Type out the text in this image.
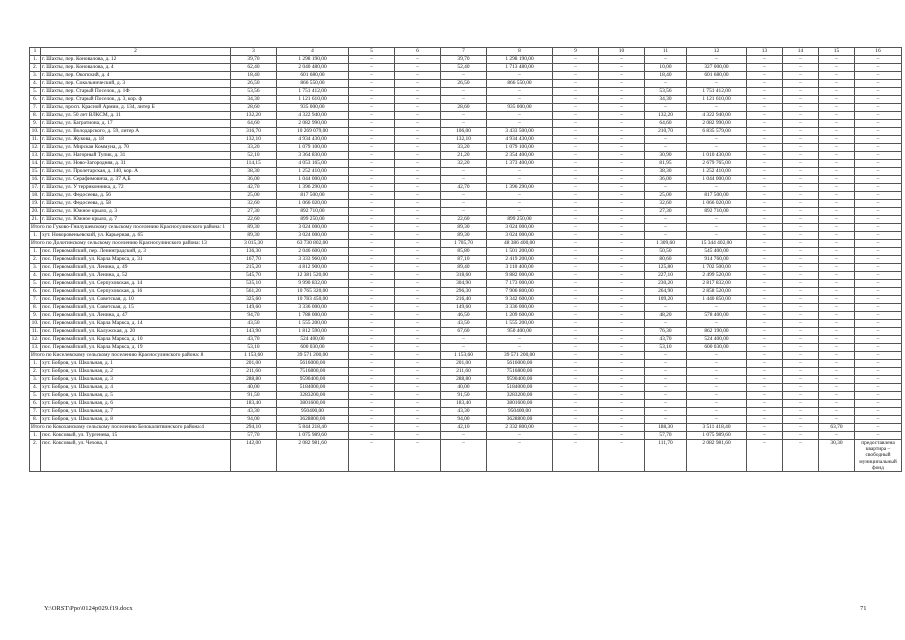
1	2	3	4	5	6	7	8	9	10	11	12	13	14	15	16
1.	г. Шахты, пер. Коновалова, д. 12	39,70	1 298 190,00	–	–	39,70	1 298 190,00	–	–	–	–	–	–	–	–
2.	г. Шахты, пер. Коновалова, д. 4	62,40	2 040 480,00	–	–	52,40	1 713 480,00	–	–	10,00	327 000,00	–	–	–	–
3.	г. Шахты, пер. Окопский, д. 4	18,40	601 680,00	–	–	–	–	–	–	18,40	601 680,00	–	–	–	–
4.	г. Шахты, пер. Сокольнический, д. 3	26,50	866 550,00	–	–	26,50	866 550,00	–	–	–	–	–	–	–	–
5.	г. Шахты, пер. Старый Поселок, д. 1Ф	53,56	1 751 412,00	–	–	–	–	–	–	53,56	1 751 412,00	–	–	–	–
6.	г. Шахты, пер. Старый Поселок, д. 3, кор. ф	34,30	1 121 610,00	–	–	–	–	–	–	34,30	1 121 610,00	–	–	–	–
7.	г. Шахты, просп. Красной Армии, д. 134, литер Б	28,60	935 000,00	–	–	28,60	935 000,00	–	–	–	–	–	–	–	–
8.	г. Шахты, ул. 50 лет ВЛКСМ, д. 11	132,20	4 322 940,00	–	–	–	–	–	–	132,20	4 322 940,00	–	–	–	–
9.	г. Шахты, ул. Багратиона, д. 17	64,60	2 082 990,00	–	–	–	–	–	–	64,60	2 082 990,00	–	–	–	–
10.	г. Шахты, ул. Володарского, д. 59, литер А	316,70	10 269 079,00	–	–	106,00	3 433 500,00	–	–	210,70	6 835 579,00	–	–	–	–
11.	г. Шахты, ул. Жукова, д. 18	132,10	4 934 430,00	–	–	132,10	4 934 430,00	–	–	–	–	–	–	–	–
12.	г. Шахты, ул. Мирская Коммуна, д. 70	33,20	1 079 100,00	–	–	33,20	1 079 100,00	–	–	–	–	–	–	–	–
13.	г. Шахты, ул. Нагорный Тупик, д. 31	52,10	3 364 830,00	–	–	21,20	2 354 400,00	–	–	30,90	1 010 430,00	–	–	–	–
14.	г. Шахты, ул. Ново-Загородняя, д. 31	114,15	4 053 165,00	–	–	32,20	1 373 400,00	–	–	81,95	2 679 765,00	–	–	–	–
15.	г. Шахты, ул. Пролетарская, д. 140, кор. А	38,30	1 252 410,00	–	–	–	–	–	–	38,30	1 252 410,00	–	–	–	–
16.	г. Шахты, ул. Серафимовича, д. 37 А,Б	36,00	1 044 000,00	–	–	–	–	–	–	36,00	1 044 000,00	–	–	–	–
17.	г. Шахты, ул. У терриконника, д. 72	42,70	1 396 290,00	–	–	42,70	1 396 290,00	–	–	–	–	–	–	–	–
18.	г. Шахты, ул. Федосеева, д. 56	25,00	817 500,00	–	–	–	–	–	–	25,00	817 500,00	–	–	–	–
19.	г. Шахты, ул. Федосеева, д. 58	32,60	1 066 020,00	–	–	–	–	–	–	32,60	1 066 020,00	–	–	–	–
20.	г. Шахты, ул. Южное крыло, д. 3	27,30	892 710,00	–	–	–	–	–	–	27,30	892 710,00	–	–	–	–
21.	г. Шахты, ул. Южное крыло, д. 7	22,60	899 250,00	–	–	22,60	899 250,00	–	–	–	–	–	–	–	–
Итого по Гуково-Гнилушевскому сельскому поселению Красносулинского района: 1		89,30	3 024 000,00	–	–	89,30	3 024 000,00	–	–	–	–	–	–	–	–
1.	хут. Новоровеньевский, ул. Карьерная, д. 65	89,30	3 024 000,00	–	–	89,30	3 024 000,00	–	–	–	–	–	–	–	–
Итого по Долотинскому сельскому поселению Красносулинского района: 13		3 015,30	63 730 802,00	–	–	1 705,70	48 386 400,00	–	–	1 309,60	15 344 402,00	–	–	–	–
1.	пос. Первомайский, пер. Ленинградский, д. 3	136,30	2 046 600,00	–	–	85,80	1 501 200,00	–	–	50,50	545 400,00	–	–	–	–
2.	пос. Первомайский, ул. Карла Маркса, д. 31	167,70	3 333 960,00	–	–	87,10	2 419 200,00	–	–	80,60	914 760,00	–	–	–	–
3.	пос. Первомайский, ул. Ленина, д. 49	215,20	4 812 900,00	–	–	89,40	3 110 400,00	–	–	125,80	1 702 500,00	–	–	–	–
4.	пос. Первомайский, ул. Ленина, д. 52	545,70	12 381 520,00	–	–	318,60	9 882 000,00	–	–	227,10	2 499 520,00	–	–	–	–
5.	пос. Первомайский, ул. Серпуховская, д. 14	535,10	9 990 832,00	–	–	304,90	7 173 000,00	–	–	230,20	2 817 832,00	–	–	–	–
6.	пос. Первомайский, ул. Серпуховская, д. 16	561,20	10 765 320,00	–	–	296,30	7 906 800,00	–	–	264,90	2 858 520,00	–	–	–	–
7.	пос. Первомайский, ул. Советская, д. 10	325,60	10 783 450,00	–	–	216,40	9 342 600,00	–	–	109,20	1 440 850,00	–	–	–	–
8.	пос. Первомайский, ул. Советская, д. 15	149,60	3 336 000,00	–	–	149,60	3 336 000,00	–	–	–	–	–	–	–	–
9.	пос. Первомайский, ул. Ленина, д. 47	94,70	1 788 000,00	–	–	46,50	1 209 600,00	–	–	48,20	578 400,00	–	–	–	–
10.	пос. Первомайский, ул. Карла Маркса, д. 14	43,50	1 555 200,00	–	–	43,50	1 555 200,00	–	–	–	–	–	–	–	–
11.	пос. Первомайский, ул. Калужская, д. 20	143,90	1 812 590,00	–	–	67,60	950 400,00	–	–	76,30	862 190,00	–	–	–	–
12.	пос. Первомайский, ул. Карла Маркса, д. 10	43,70	524 400,00	–	–	–	–	–	–	43,70	524 400,00	–	–	–	–
13.	пос. Первомайский, ул. Карла Маркса, д. 19	53,10	600 030,00	–	–	–	–	–	–	53,10	600 030,00	–	–	–	–
Итого по Киселевскому сельскому поселению Красносулинского района: 8		1 153,60	39 571 200,00	–	–	1 153,60	39 571 200,00	–	–	–	–	–	–	–	–
1.	хут. Бобров, ул. Школьная, д. 1	201,00	5616000,00	–	–	201,00	5616000,00	–	–	–	–	–	–	–	–
2.	хут. Бобров, ул. Школьная, д. 2	211,60	7516800,00	–	–	211,60	7516800,00	–	–	–	–	–	–	–	–
3.	хут. Бобров, ул. Школьная, д. 3	288,80	9590400,00	–	–	288,80	9590400,00	–	–	–	–	–	–	–	–
4.	хут. Бобров, ул. Школьная, д. 4	40,00	5184000,00	–	–	40,00	5184000,00	–	–	–	–	–	–	–	–
5.	хут. Бобров, ул. Школьная, д. 5	91,50	3283200,00	–	–	91,50	3283200,00	–	–	–	–	–	–	–	–
6.	хут. Бобров, ул. Школьная, д. 6	183,40	3801600,00	–	–	183,40	3801600,00	–	–	–	–	–	–	–	–
7.	хут. Бобров, ул. Школьная, д. 7	43,30	950400,00	–	–	43,30	950400,00	–	–	–	–	–	–	–	–
8.	хут. Бобров, ул. Школьная, д. 8	94,00	3628800,00	–	–	94,00	3628800,00	–	–	–	–	–	–	–	–
Итого по Кокоханскому сельскому поселению Белокалитвинского района:4		294,10	5 844 218,40	–	–	42,10	2 332 800,00	–	–	188,30	3 511 418,40	–	–	63,70	–
1.	пос. Коксовый, ул. Тургенева, 15	57,70	1 075 989,60	–	–	–	–	–	–	57,70	1 075 989,60	–	–	–	–
2.	пос. Коксовый, ул. Чехова, 4	142,00	2 082 981,60	–	–	–	–	–	–	111,70	2 082 981,60	–	–	30,30	предоставлена квартира – свободный муниципальный фонд
Y:\ORST\Ppo\0124p029.f19.docx	71
